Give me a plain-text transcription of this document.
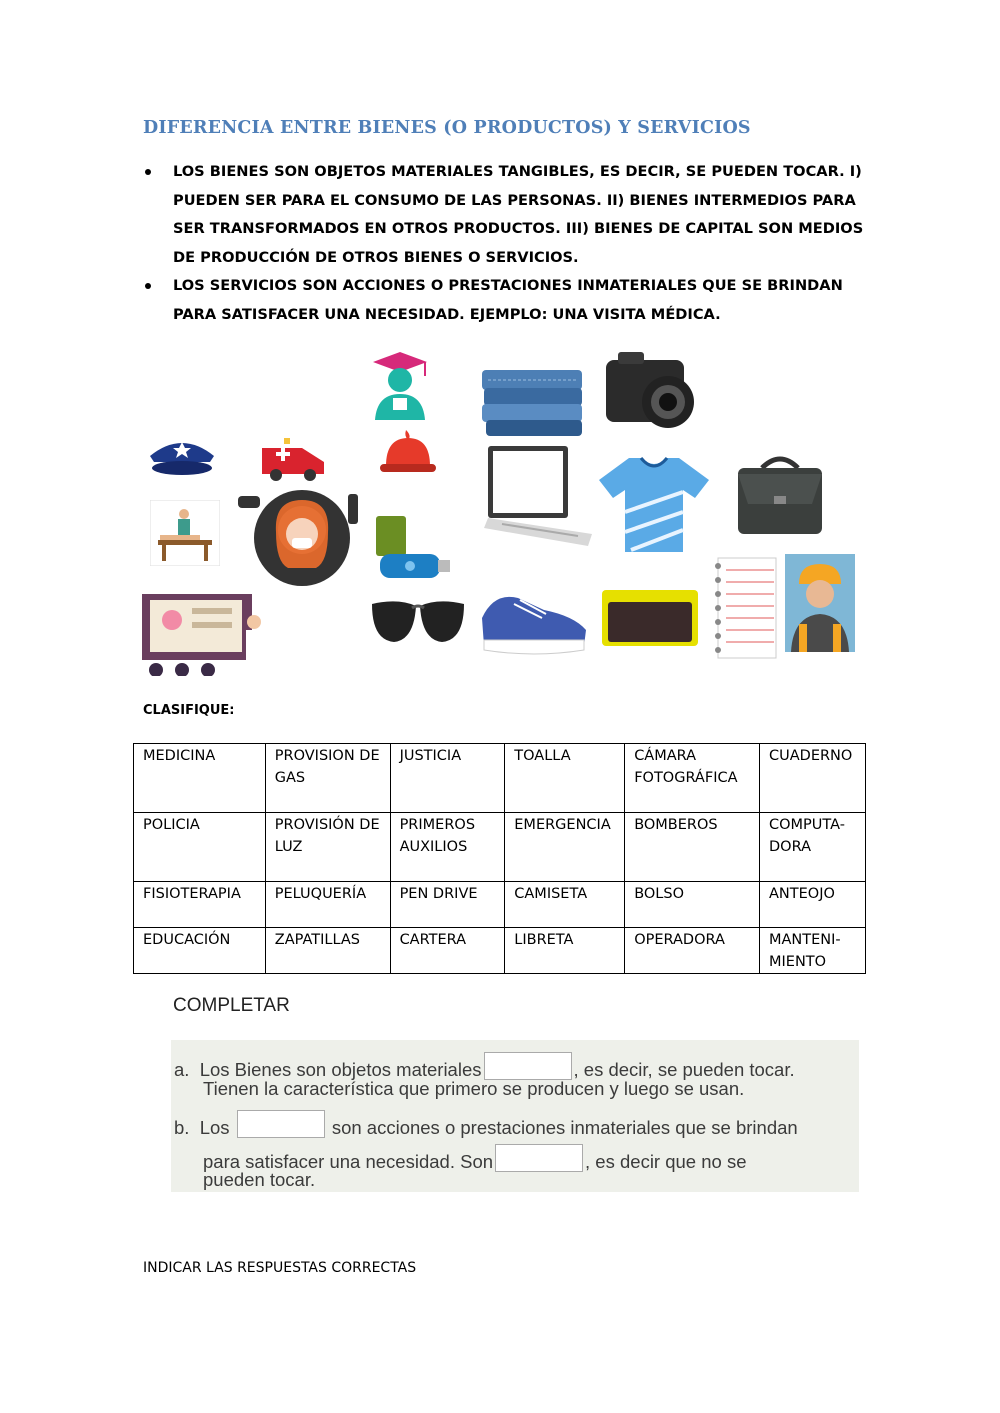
DIFERENCIA ENTRE BIENES (O PRODUCTOS) Y SERVICIOS
LOS BIENES SON OBJETOS MATERIALES TANGIBLES, ES DECIR, SE PUEDEN TOCAR. I) PUEDEN SER PARA EL CONSUMO DE LAS PERSONAS. II) BIENES INTERMEDIOS PARA SER TRANSFORMADOS EN OTROS PRODUCTOS. III) BIENES DE CAPITAL SON MEDIOS DE PRODUCCIÓN DE OTROS BIENES O SERVICIOS.
LOS SERVICIOS SON ACCIONES O PRESTACIONES INMATERIALES QUE SE BRINDAN PARA SATISFACER UNA NECESIDAD. EJEMPLO: UNA VISITA MÉDICA.
CLASIFIQUE:
MEDICINA	PROVISION DE GAS	JUSTICIA	TOALLA	CÁMARA FOTOGRÁFICA	CUADERNO
POLICIA	PROVISIÓN DE LUZ	PRIMEROS AUXILIOS	EMERGENCIA	BOMBEROS	COMPUTA-DORA
FISIOTERAPIA	PELUQUERÍA	PEN DRIVE	CAMISETA	BOLSO	ANTEOJO
EDUCACIÓN	ZAPATILLAS	CARTERA	LIBRETA	OPERADORA	MANTENI-MIENTO
COMPLETAR
a. Los Bienes son objetos materiales	, es decir, se pueden tocar.
Tienen la característica que primero se producen y luego se usan.
b. Los	son acciones o prestaciones inmateriales que se brindan
para satisfacer una necesidad. Son	, es decir que no se
pueden tocar.
INDICAR LAS RESPUESTAS CORRECTAS
